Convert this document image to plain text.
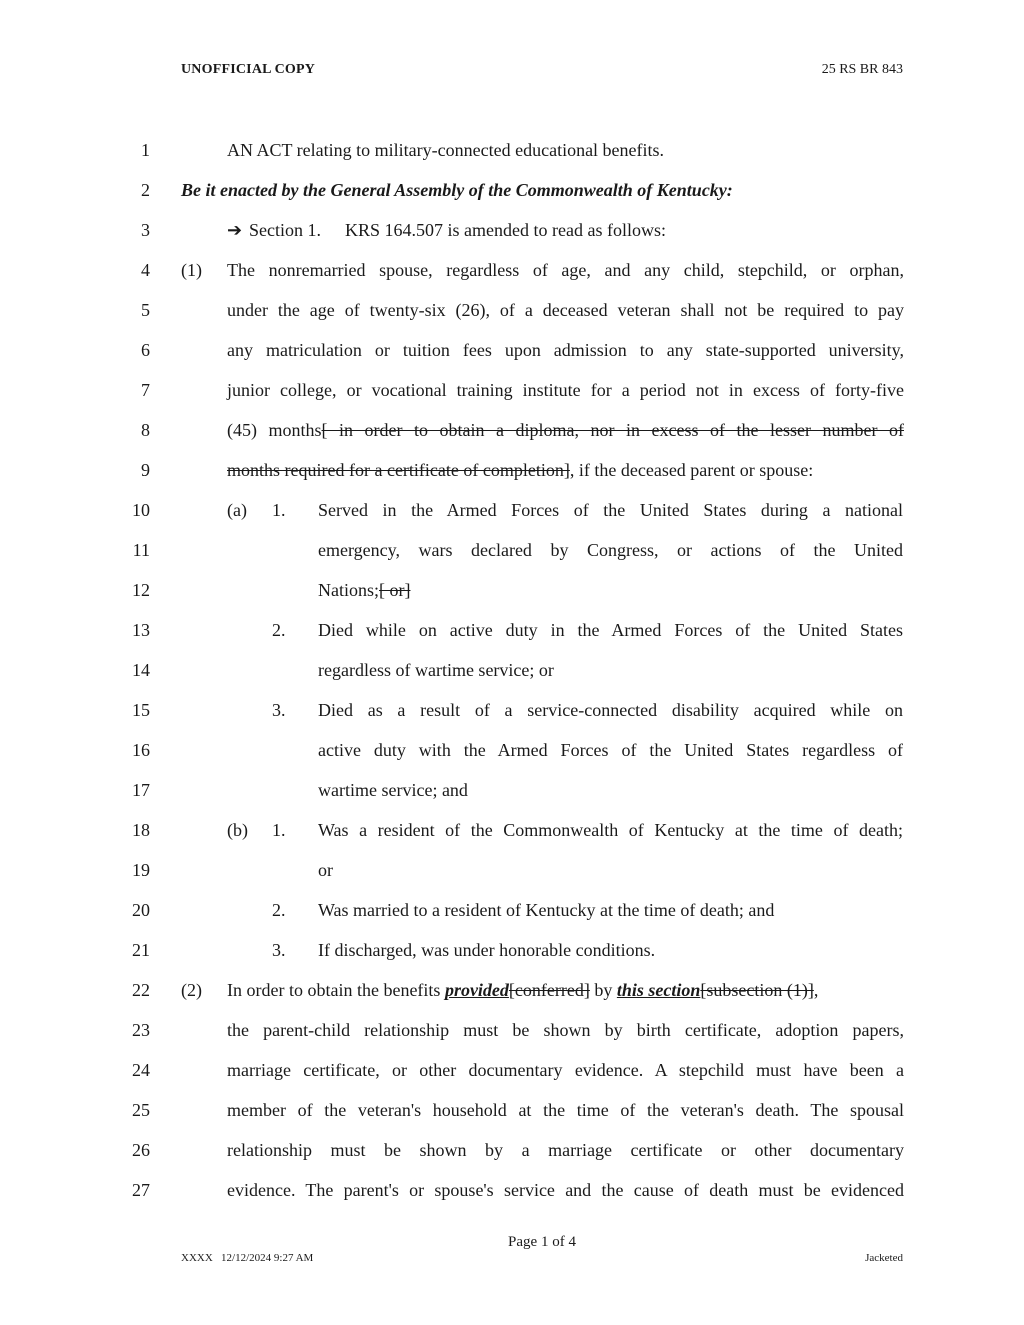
UNOFFICIAL COPY	25 RS BR 843
1	AN ACT relating to military-connected educational benefits.
2 Be it enacted by the General Assembly of the Commonwealth of Kentucky:
3	➔ Section 1. KRS 164.507 is amended to read as follows:
4 (1) The nonremarried spouse, regardless of age, and any child, stepchild, or orphan,
5	under the age of twenty-six (26), of a deceased veteran shall not be required to pay
6	any matriculation or tuition fees upon admission to any state-supported university,
7	junior college, or vocational training institute for a period not in excess of forty-five
8	(45) months[ in order to obtain a diploma, nor in excess of the lesser number of
9	months required for a certificate of completion], if the deceased parent or spouse:
10	(a) 1. Served in the Armed Forces of the United States during a national
11	emergency, wars declared by Congress, or actions of the United
12	Nations;[ or]
13	2. Died while on active duty in the Armed Forces of the United States
14	regardless of wartime service; or
15	3. Died as a result of a service-connected disability acquired while on
16	active duty with the Armed Forces of the United States regardless of
17	wartime service; and
18	(b) 1. Was a resident of the Commonwealth of Kentucky at the time of death;
19	or
20	2. Was married to a resident of Kentucky at the time of death; and
21	3. If discharged, was under honorable conditions.
22 (2) In order to obtain the benefits provided[conferred] by this section[subsection (1)],
23	the parent-child relationship must be shown by birth certificate, adoption papers,
24	marriage certificate, or other documentary evidence. A stepchild must have been a
25	member of the veteran's household at the time of the veteran's death. The spousal
26	relationship must be shown by a marriage certificate or other documentary
27	evidence. The parent's or spouse's service and the cause of death must be evidenced
Page 1 of 4
XXXX   12/12/2024 9:27 AM	Jacketed
